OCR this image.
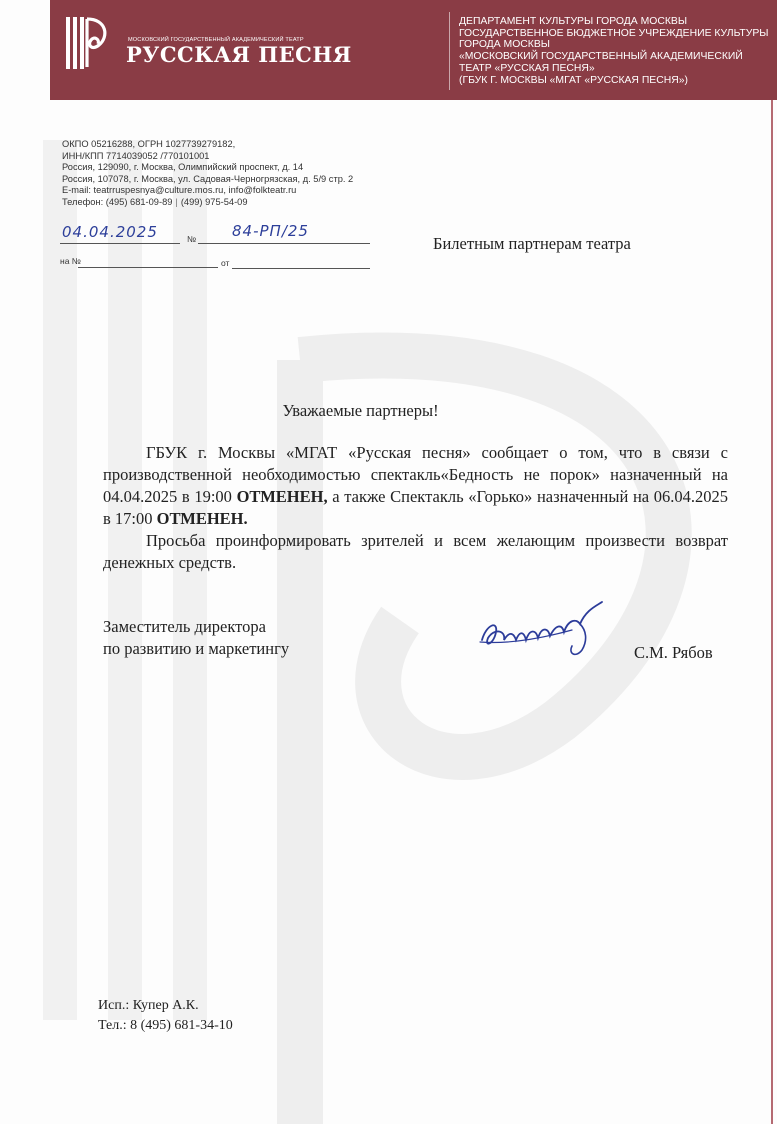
МОСКОВСКИЙ ГОСУДАРСТВЕННЫЙ АКАДЕМИЧЕСКИЙ ТЕАТР
РУССКАЯ ПЕСНЯ
ДЕПАРТАМЕНТ КУЛЬТУРЫ ГОРОДА МОСКВЫ
ГОСУДАРСТВЕННОЕ БЮДЖЕТНОЕ УЧРЕЖДЕНИЕ КУЛЬТУРЫ
ГОРОДА МОСКВЫ
«МОСКОВСКИЙ ГОСУДАРСТВЕННЫЙ АКАДЕМИЧЕСКИЙ
ТЕАТР «РУССКАЯ ПЕСНЯ»
(ГБУК Г. МОСКВЫ «МГАТ «РУССКАЯ ПЕСНЯ»)
ОКПО 05216288, ОГРН 1027739279182,
ИНН/КПП 7714039052 /770101001
Россия, 129090, г. Москва, Олимпийский проспект, д. 14
Россия, 107078, г. Москва, ул. Садовая-Черногрязская, д. 5/9 стр. 2
E-mail: teatrruspesnya@culture.mos.ru, info@folkteatr.ru
Телефон: (495) 681-09-89 | (499) 975-54-09
04.04.2025	№ 84-РП/25
на №	от
Билетным партнерам театра
Уважаемые партнеры!

ГБУК г. Москвы «МГАТ «Русская песня» сообщает о том, что в связи с производственной необходимостью спектакль«Бедность не порок» назначенный на 04.04.2025 в 19:00 ОТМЕНЕН, а также Спектакль «Горько» назначенный на 06.04.2025 в 17:00 ОТМЕНЕН.

Просьба проинформировать зрителей и всем желающим произвести возврат денежных средств.

Заместитель директора
по развитию и маркетингу	С.М. Рябов
Исп.: Купер А.К.
Тел.: 8 (495) 681-34-10
